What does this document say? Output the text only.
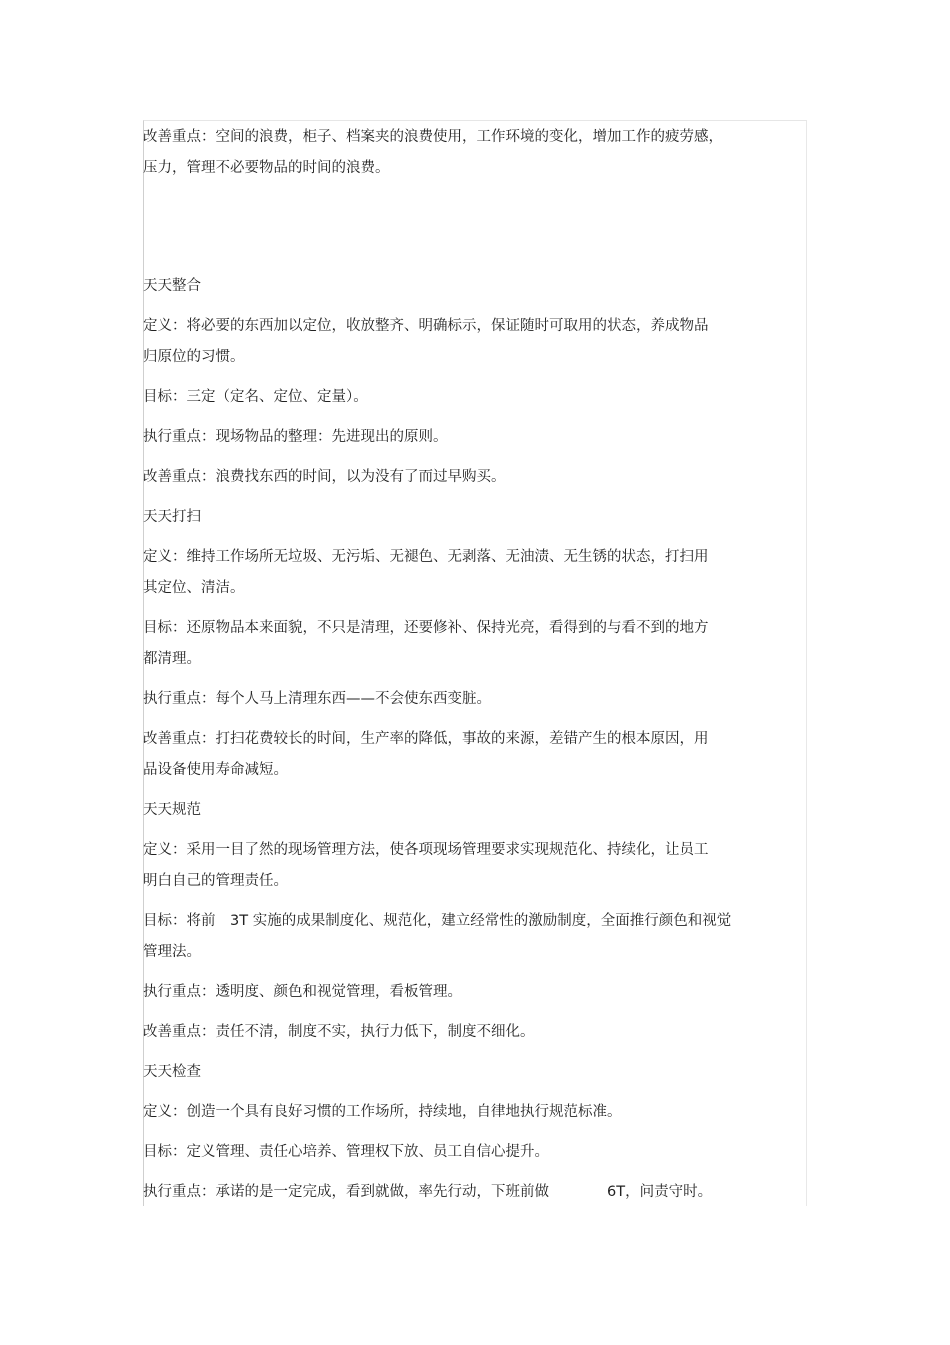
改善重点：空间的浪费，柜子、档案夹的浪费使用，工作环境的变化，增加工作的疲劳感，
压力，管理不必要物品的时间的浪费。
天天整合
定义：将必要的东西加以定位，收放整齐、明确标示，保证随时可取用的状态，养成物品
归原位的习惯。
目标：三定（定名、定位、定量）。
执行重点：现场物品的整理：先进现出的原则。
改善重点：浪费找东西的时间，以为没有了而过早购买。
天天打扫
定义：维持工作场所无垃圾、无污垢、无褪色、无剥落、无油渍、无生锈的状态，打扫用
其定位、清洁。
目标：还原物品本来面貌，不只是清理，还要修补、保持光亮，看得到的与看不到的地方
都清理。
执行重点：每个人马上清理东西——不会使东西变脏。
改善重点：打扫花费较长的时间，生产率的降低，事故的来源，差错产生的根本原因，用
品设备使用寿命减短。
天天规范
定义：采用一目了然的现场管理方法，使各项现场管理要求实现规范化、持续化，让员工
明白自己的管理责任。
目标：将前　3T 实施的成果制度化、规范化，建立经常性的激励制度，全面推行颜色和视觉
管理法。
执行重点：透明度、颜色和视觉管理，看板管理。
改善重点：责任不清，制度不实，执行力低下，制度不细化。
天天检查
定义：创造一个具有良好习惯的工作场所，持续地，自律地执行规范标准。
目标：定义管理、责任心培养、管理权下放、员工自信心提升。
执行重点：承诺的是一定完成，看到就做，率先行动，下班前做　　　　6T，问责守时。
